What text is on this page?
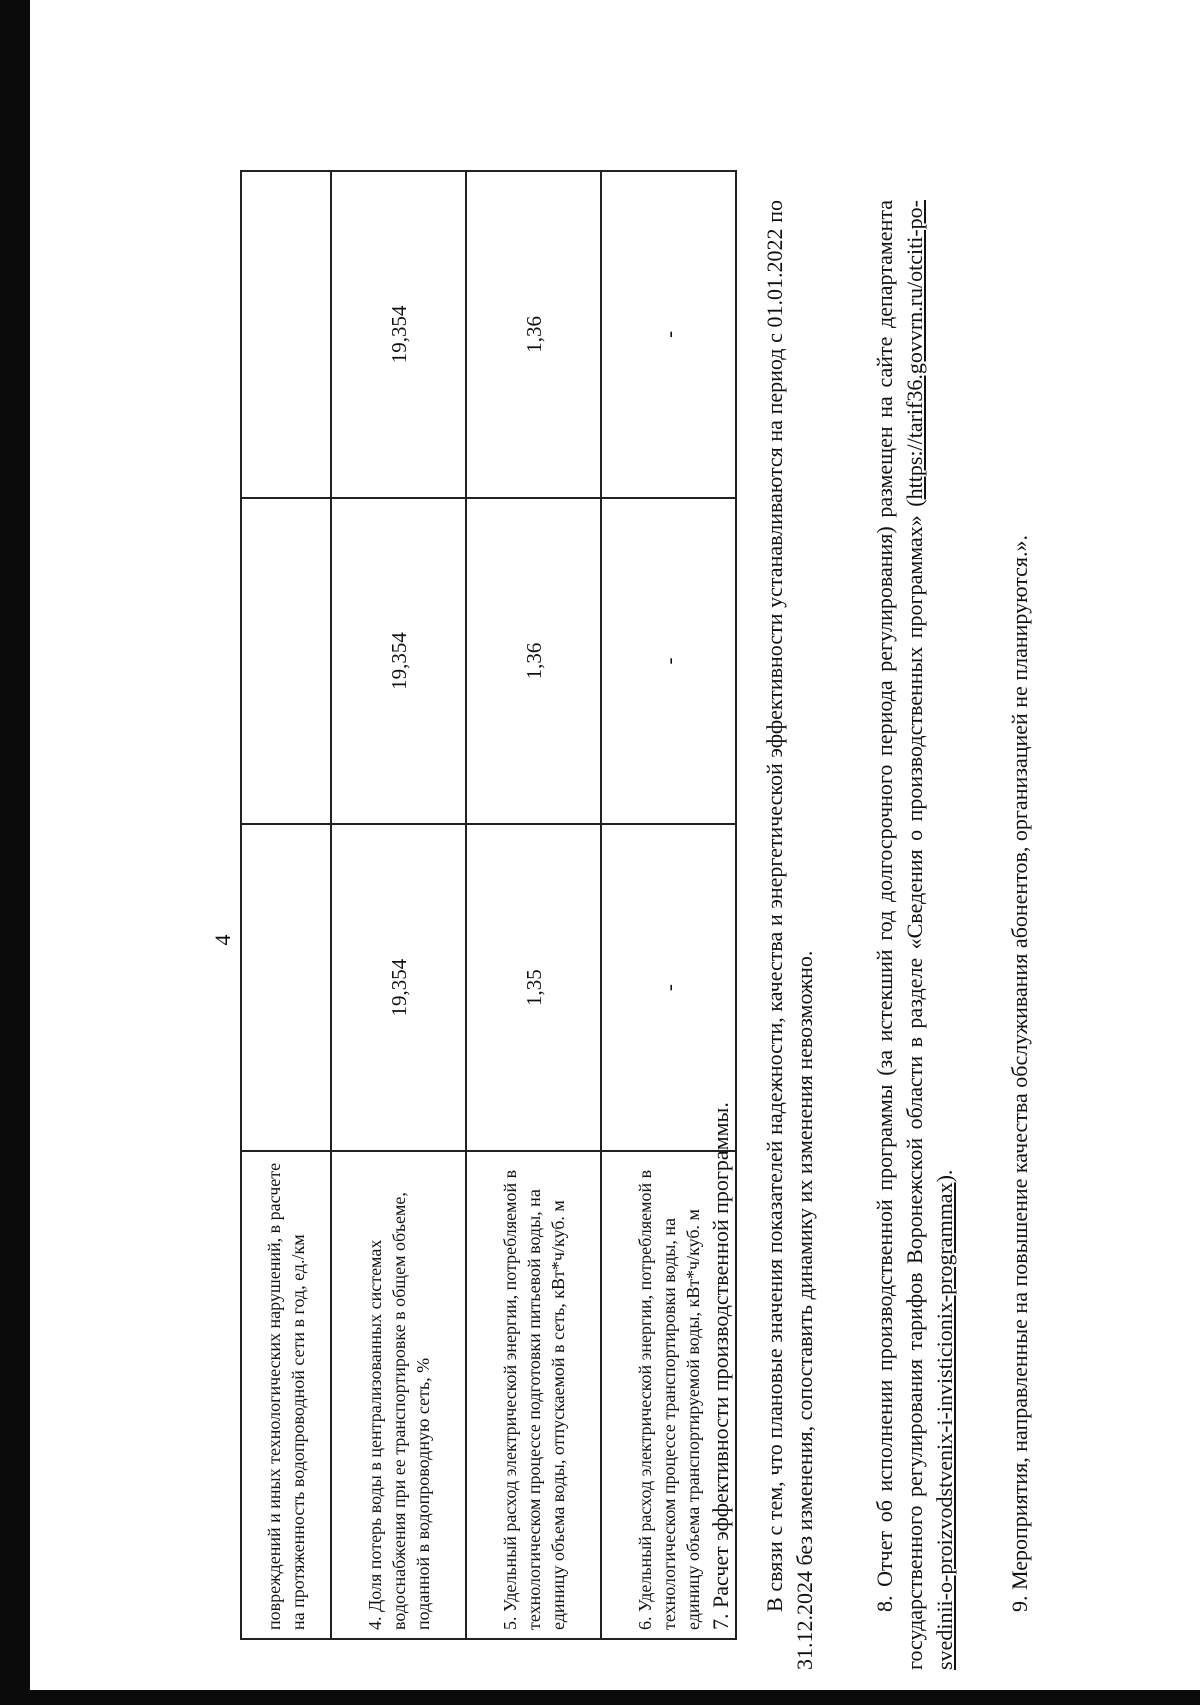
4
повреждений и иных технологических нарушений, в расчете на протяженность водопроводной сети в год, ед./км			
4. Доля потерь воды в централизованных системах водоснабжения при ее транспортировке в общем объеме, поданной в водопроводную сеть, %	19,354	19,354	19,354
5. Удельный расход электрической энергии, потребляемой в технологическом процессе подготовки питьевой воды, на единицу объема воды, отпускаемой в сеть, кВт*ч/куб. м	1,35	1,36	1,36
6. Удельный расход электрической энергии, потребляемой в технологическом процессе транспортировки воды, на единицу объема транспортируемой воды, кВт*ч/куб. м	-	-	-
7. Расчет эффективности производственной программы. В связи с тем, что плановые значения показателей надежности, качества и энергетической эффективности устанавливаются на период с 01.01.2022 по 31.12.2024 без изменения, сопоставить динамику их изменения невозможно.	8. Отчет об исполнении производственной программы (за истекший год долгосрочного периода регулирования) размещен на сайте департамента государственного регулирования тарифов Воронежской области в разделе «Сведения о производственных программах» (https://tarif36.govvrn.ru/otciti-po-svedinii-o-proizvodstvenix-i-invisticionix-programmax). 9. Мероприятия, направленные на повышение качества обслуживания абонентов, организацией не планируются.».
